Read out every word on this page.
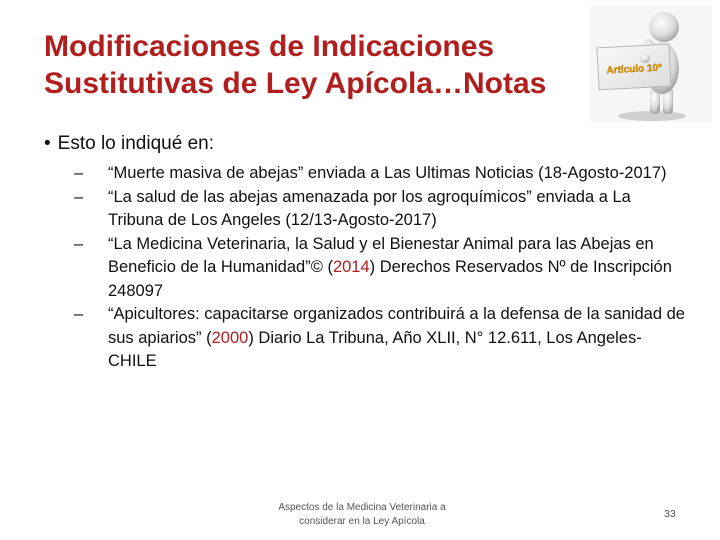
Modificaciones de Indicaciones
Sustitutivas de Ley Apícola…Notas	Artículo 10º
• Esto lo indiqué en:
– “Muerte masiva de abejas” enviada a Las Ultimas Noticias (18-Agosto-2017)
– “La salud de las abejas amenazada por los agroquímicos” enviada a La Tribuna de Los Angeles (12/13-Agosto-2017)
– “La Medicina Veterinaria, la Salud y el Bienestar Animal para las Abejas en Beneficio de la Humanidad”© (2014) Derechos Reservados Nº de Inscripción 248097
– “Apicultores: capacitarse organizados contribuirá a la defensa de la sanidad de sus apiarios” (2000) Diario La Tribuna, Año XLII, N° 12.611, Los Angeles-CHILE
Aspectos de la Medicina Veterinaria a considerar en la Ley Apícola
33
